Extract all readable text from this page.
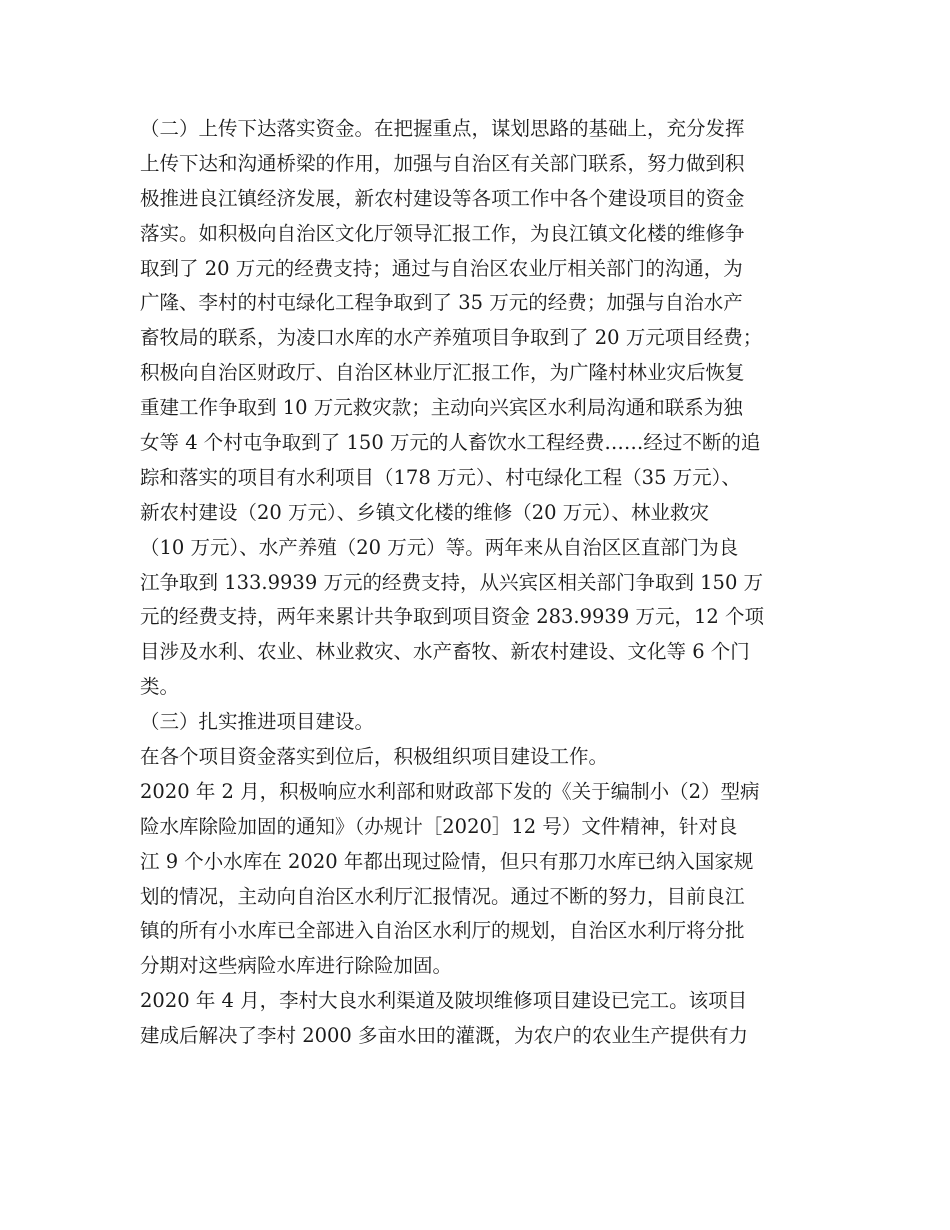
（二）上传下达落实资金。在把握重点，谋划思路的基础上，充分发挥
上传下达和沟通桥梁的作用，加强与自治区有关部门联系，努力做到积
极推进良江镇经济发展，新农村建设等各项工作中各个建设项目的资金
落实。如积极向自治区文化厅领导汇报工作，为良江镇文化楼的维修争
取到了 20 万元的经费支持；通过与自治区农业厅相关部门的沟通，为
广隆、李村的村屯绿化工程争取到了 35 万元的经费；加强与自治水产
畜牧局的联系，为凌口水库的水产养殖项目争取到了 20 万元项目经费；
积极向自治区财政厅、自治区林业厅汇报工作，为广隆村林业灾后恢复
重建工作争取到 10 万元救灾款；主动向兴宾区水利局沟通和联系为独
女等 4 个村屯争取到了 150 万元的人畜饮水工程经费……经过不断的追
踪和落实的项目有水利项目（178 万元）、村屯绿化工程（35 万元）、
新农村建设（20 万元）、乡镇文化楼的维修（20 万元）、林业救灾
（10 万元）、水产养殖（20 万元）等。两年来从自治区区直部门为良
江争取到 133.9939 万元的经费支持，从兴宾区相关部门争取到 150 万
元的经费支持，两年来累计共争取到项目资金 283.9939 万元，12 个项
目涉及水利、农业、林业救灾、水产畜牧、新农村建设、文化等 6 个门
类。
（三）扎实推进项目建设。
在各个项目资金落实到位后，积极组织项目建设工作。
2020 年 2 月，积极响应水利部和财政部下发的《关于编制小（2）型病
险水库除险加固的通知》（办规计［2020］12 号）文件精神，针对良
江 9 个小水库在 2020 年都出现过险情，但只有那刀水库已纳入国家规
划的情况，主动向自治区水利厅汇报情况。通过不断的努力，目前良江
镇的所有小水库已全部进入自治区水利厅的规划，自治区水利厅将分批
分期对这些病险水库进行除险加固。
2020 年 4 月，李村大良水利渠道及陂坝维修项目建设已完工。该项目
建成后解决了李村 2000 多亩水田的灌溉，为农户的农业生产提供有力
